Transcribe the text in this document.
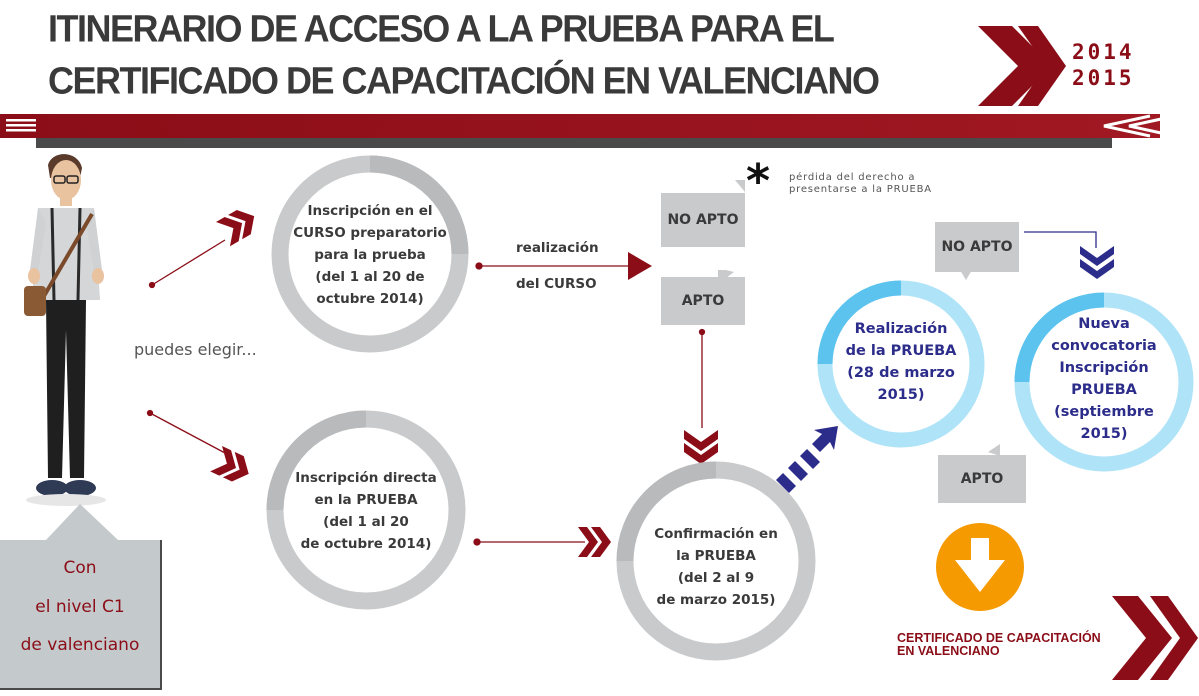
ITINERARIO DE ACCESO A LA PRUEBA PARA EL
CERTIFICADO DE CAPACITACIÓN EN VALENCIANO
2014
2015
puedes elegir...
Con
el nivel C1
de valenciano
Inscripción en el
CURSO preparatorio
para la prueba
(del 1 al 20 de
octubre 2014)
Inscripción directa
en la PRUEBA
(del 1 al 20
de octubre 2014)
Confirmación en
la PRUEBA
(del 2 al 9
de marzo 2015)
Realización
de la PRUEBA
(28 de marzo
2015)
Nueva
convocatoria
Inscripción
PRUEBA
(septiembre
2015)
realización
del CURSO
NO APTO
APTO
NO APTO
APTO
* pérdida del derecho a
presentarse a la PRUEBA
CERTIFICADO DE CAPACITACIÓN
EN VALENCIANO
